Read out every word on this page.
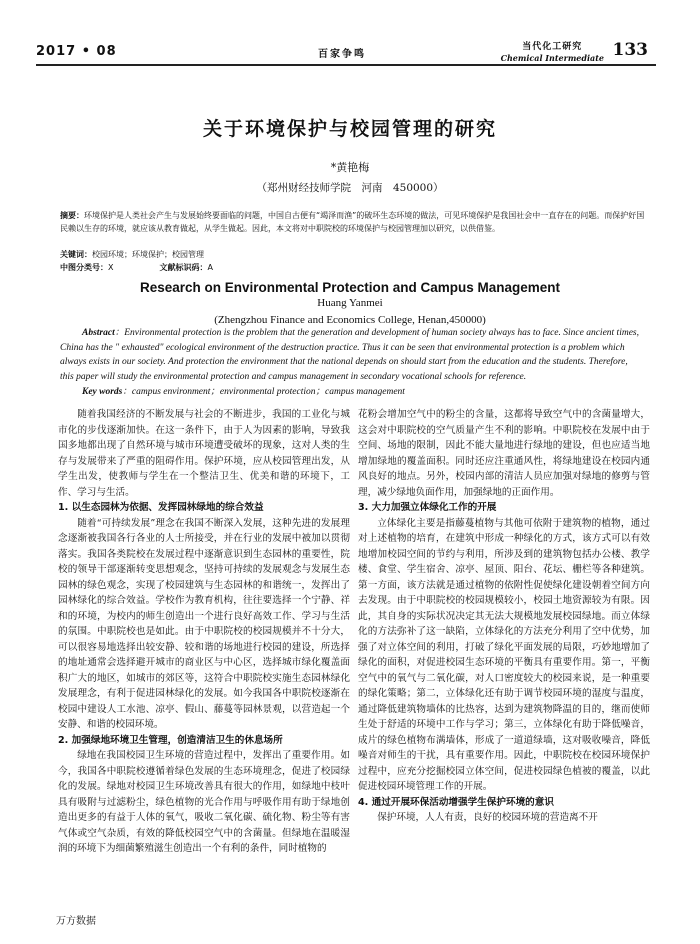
2017 • 08	百家争鸣
当代化工研究
Chemical Intermediate 133
关于环境保护与校园管理的研究
*黄艳梅
（郑州财经技师学院　河南　450000）
摘要：环境保护是人类社会产生与发展始终要面临的问题，中国自古便有“竭泽而渔”的破坏生态环境的做法，可见环境保护是我国社会中一直存在的问题。而保护好国民赖以生存的环境，就应该从教育做起，从学生做起。因此，本文将对中职院校的环境保护与校园管理加以研究，以供借鉴。
关键词：校园环境；环境保护；校园管理
中图分类号：X	文献标识码：A
Research on Environmental Protection and Campus Management
Huang Yanmei
(Zhengzhou Finance and Economics College, Henan,450000)
Abstract：Environmental protection is the problem that the generation and development of human society always has to face. Since ancient times, China has the " exhausted" ecological environment of the destruction practice. Thus it can be seen that environmental protection is a problem which always exists in our society. And protection the environment that the national depends on should start from the education and the students. Therefore, this paper will study the environmental protection and campus management in secondary vocational schools for reference.
Key words：campus environment；environmental protection；campus management

随着我国经济的不断发展与社会的不断进步，我国的工业化与城市化的步伐逐渐加快。在这一条件下，由于人为因素的影响，导致我国多地都出现了自然环境与城市环境遭受破坏的现象，这对人类的生存与发展带来了严重的阻碍作用。保护环境，应从校园管理出发，从学生出发，使教师与学生在一个整洁卫生、优美和谐的环境下，工作、学习与生活。

1. 以生态园林为依据、发挥园林绿地的综合效益

随着“可持续发展”理念在我国不断深入发展，这种先进的发展理念逐渐被我国各行各业的人士所接受，并在行业的发展中被加以贯彻落实。我国各类院校在发展过程中逐渐意识到生态园林的重要性，院校的领导干部逐渐转变思想观念，坚持可持续的发展观念与发展生态园林的绿色观念，实现了校园建筑与生态园林的和谐统一，发挥出了园林绿化的综合效益。学校作为教育机构，往往要选择一个宁静、祥和的环境，为校内的师生创造出一个进行良好高效工作、学习与生活的氛围。中职院校也是如此。由于中职院校的校园规模并不十分大，可以很容易地选择出较安静、较和谐的场地进行校园的建设，所选择的地址通常会选择避开城市的商业区与中心区，选择城市绿化覆盖面积广大的地区，如城市的郊区等，这符合中职院校实施生态园林绿化发展理念，有利于促进园林绿化的发展。如今我国各中职院校逐渐在校园中建设人工水池、凉亭、假山、藤蔓等园林景观，以营造起一个安静、和谐的校园环境。

2. 加强绿地环境卫生管理，创造清洁卫生的休息场所

绿地在我国校园卫生环境的营造过程中，发挥出了重要作用。如今，我国各中职院校遵循着绿色发展的生态环境理念，促进了校园绿化的发展。绿地对校园卫生环境改善具有很大的作用，如绿地中枝叶具有吸附与过滤粉尘，绿色植物的光合作用与呼吸作用有助于绿地创造出更多的有益于人体的氧气，吸收二氧化碳、硫化物、粉尘等有害气体或空气杂质，有效的降低校园空气中的含菌量。但绿地在温暖湿润的环境下为细菌繁殖滋生创造出一个有利的条件，同时植物的

花粉会增加空气中的粉尘的含量，这都将导致空气中的含菌量增大，这会对中职院校的空气质量产生不利的影响。中职院校在发展中由于空间、场地的限制，因此不能大量地进行绿地的建设，但也应适当地增加绿地的覆盖面积。同时还应注重通风性，将绿地建设在校园内通风良好的地点。另外，校园内部的清洁人员应加强对绿地的修剪与管理，减少绿地负面作用，加强绿地的正面作用。

3. 大力加强立体绿化工作的开展

立体绿化主要是指藤蔓植物与其他可依附于建筑物的植物，通过对上述植物的培育，在建筑中形成一种绿化的方式，该方式可以有效地增加校园空间的节约与利用，所涉及到的建筑物包括办公楼、教学楼、食堂、学生宿舍、凉亭、屋顶、阳台、花坛、栅栏等各种建筑。第一方面，该方法就是通过植物的依附性促使绿化建设朝着空间方向去发现。由于中职院校的校园规模较小，校园土地资源较为有限。因此，其自身的实际状况决定其无法大规模地发展校园绿地。而立体绿化的方法弥补了这一缺陷，立体绿化的方法充分利用了空中优势，加强了对立体空间的利用，打破了绿化平面发展的局限，巧妙地增加了绿化的面积，对促进校园生态环境的平衡具有重要作用。第一，平衡空气中的氧气与二氧化碳，对人口密度较大的校园来说，是一种重要的绿化策略；第二，立体绿化还有助于调节校园环境的湿度与温度，通过降低建筑物墙体的比热容，达到为建筑物降温的目的，继而使师生处于舒适的环境中工作与学习；第三，立体绿化有助于降低噪音，成片的绿色植物布满墙体，形成了一道道绿墙，这对吸收噪音，降低噪音对师生的干扰，具有重要作用。因此，中职院校在校园环境保护过程中，应充分挖掘校园立体空间，促进校园绿色植被的覆盖，以此促进校园环境管理工作的开展。

4. 通过开展环保活动增强学生保护环境的意识

保护环境，人人有责，良好的校园环境的营造离不开

万方数据
